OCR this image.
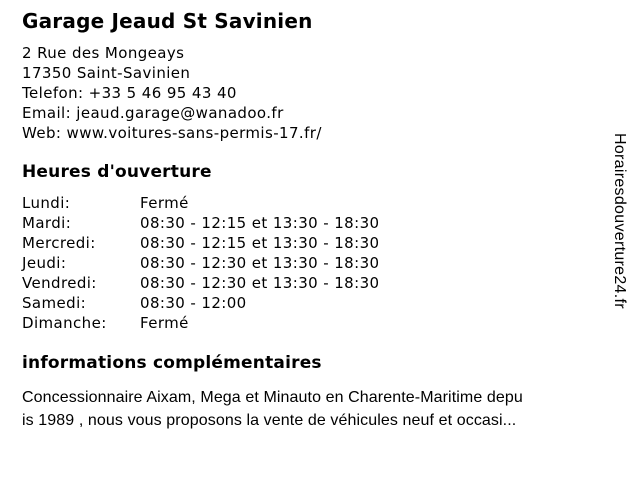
Garage Jeaud St Savinien
2 Rue des Mongeays
17350 Saint-Savinien
Telefon: +33 5 46 95 43 40
Email: jeaud.garage@wanadoo.fr
Web: www.voitures-sans-permis-17.fr/
Heures d'ouverture
Lundi:	Fermé
Mardi:	08:30 - 12:15 et 13:30 - 18:30
Mercredi:	08:30 - 12:15 et 13:30 - 18:30
Jeudi:	08:30 - 12:30 et 13:30 - 18:30
Vendredi:	08:30 - 12:30 et 13:30 - 18:30
Samedi:	08:30 - 12:00
Dimanche:	Fermé
informations complémentaires
Concessionnaire Aixam, Mega et Minauto en Charente-Maritime depu
is 1989 , nous vous proposons la vente de véhicules neuf et occasi...
Horairesdouverture24.fr
